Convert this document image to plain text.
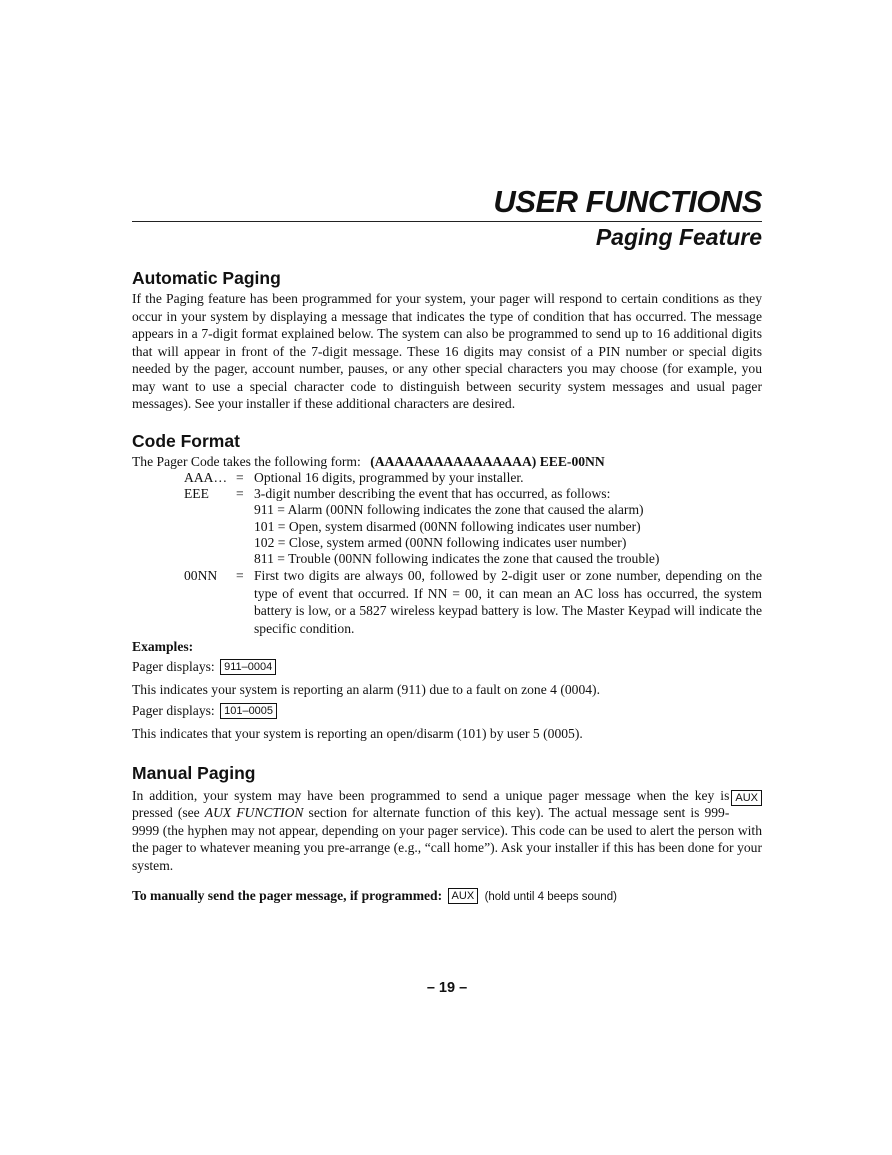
USER FUNCTIONS
Paging Feature
Automatic Paging

If the Paging feature has been programmed for your system, your pager will respond to certain conditions as they occur in your system by displaying a message that indicates the type of condition that has occurred. The message appears in a 7-digit format explained below. The system can also be programmed to send up to 16 additional digits that will appear in front of the 7-digit message. These 16 digits may consist of a PIN number or special digits needed by the pager, account number, pauses, or any other special characters you may choose (for example, you may want to use a special character code to distinguish between security system messages and usual pager messages). See your installer if these additional characters are desired.

Code Format
The Pager Code takes the following form: (AAAAAAAAAAAAAAAA) EEE-00NN
AAA… = Optional 16 digits, programmed by your installer.
EEE	= 3-digit number describing the event that has occurred, as follows:
911 = Alarm (00NN following indicates the zone that caused the alarm)
101 = Open, system disarmed (00NN following indicates user number)
102 = Close, system armed (00NN following indicates user number)
811 = Trouble (00NN following indicates the zone that caused the trouble)
00NN	= First two digits are always 00, followed by 2-digit user or zone number, depending on the type of event that occurred. If NN = 00, it can mean an AC loss has occurred, the system battery is low, or a 5827 wireless keypad battery is low. The Master Keypad will indicate the specific condition.
Examples:
Pager displays: 911–0004
This indicates your system is reporting an alarm (911) due to a fault on zone 4 (0004).
Pager displays: 101–0005
This indicates that your system is reporting an open/disarm (101) by user 5 (0005).
Manual Paging

AUX
In addition, your system may have been programmed to send a unique pager message when the key is pressed (see AUX FUNCTION section for alternate function of this key). The actual message sent is 999-9999 (the hyphen may not appear, depending on your pager service). This code can be used to alert the person with the pager to whatever meaning you pre-arrange (e.g., “call home”). Ask your installer if this has been done for your system.

To manually send the pager message, if programmed: AUX (hold until 4 beeps sound)
– 19 –
